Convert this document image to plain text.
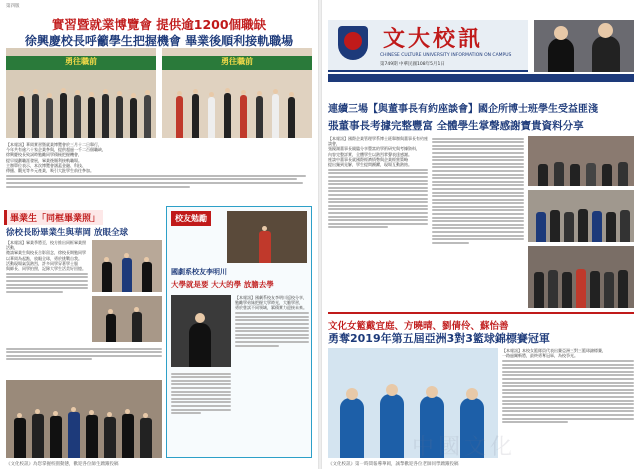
第四版
實習暨就業博覽會 提供逾1200個職缺
徐興慶校長呼籲學生把握機會 畢業後順利接軌職場
勇往職前	勇往職前

【本報訊】華岡實習暨就業博覽會於三月十二日舉行，

今年共有逾六十家企業參與，提供超過一千二百個職缺，

徐興慶校長致詞時勉勵同學積極把握機會，

提早規劃職涯發展，畢業後順利接軌職場。

主辦單位表示，本次博覽會涵蓋金融、科技、

傳播、觀光等多元產業，吸引大批學生前往參加。

畢業生「同框畢業照」
徐校長盼畢業生與華岡 放眼全球

【本報訊】畢業季將至，校方推出同框畢業照活動，

邀請畢業生與校長合影留念，徐校長期勉同學

以華岡為起點，放眼全球，勇於挑戰自我。

活動現場氣氛熱烈，許多同學穿著學士服

與師長、同學拍照，記錄大學生活美好回憶。

校友勉勵
國劇系校友李明川
大學就是要 大大的學 放膽去學

【本報訊】國劇系校友李明川返校分享，

勉勵學弟妹把握大學時光，大膽學習，

勇於嘗試不同領域，累積實力迎接未來。

《文化校訊》為您掌握校園動態，歡迎各位師生踴躍投稿
文大校訊
CHINESE CULTURE UNIVERSITY INFORMATION ON CAMPUS
第749期 中華民國108年5月1日
發行人：徐興慶 出版者：中國文化大學 地址：台北市陽明山華岡路55號
連續三場【與董事長有約座談會】國企所博士班學生受益匪淺
張董事長考據完整豐富 全體學生掌聲感謝寶貴資料分享

【本報訊】國際企業管理學系博士班舉辦與董事長有約座談會，

張鏡湖董事長親臨分享豐富的學術研究與考據資料，

內容完整詳實，全體學生以熱烈掌聲表達感謝。

座談中董事長就國際經濟情勢與企業經營策略

提出獨到見解，學生提問踴躍，現場互動熱絡。

文化女籃戴宜庭、方曉晴、劉倩伶、蘇怡善
勇奪2019年第五屆亞洲3對3籃球錦標賽冠軍

【本報訊】本校女籃隊員代表出賽亞洲三對三籃球錦標賽，

一路過關斬將，最終勇奪冠軍，為校爭光。

中國文化
《文化校訊》第一時間報導華岡，誠摯歡迎各位老師同學踴躍投稿
